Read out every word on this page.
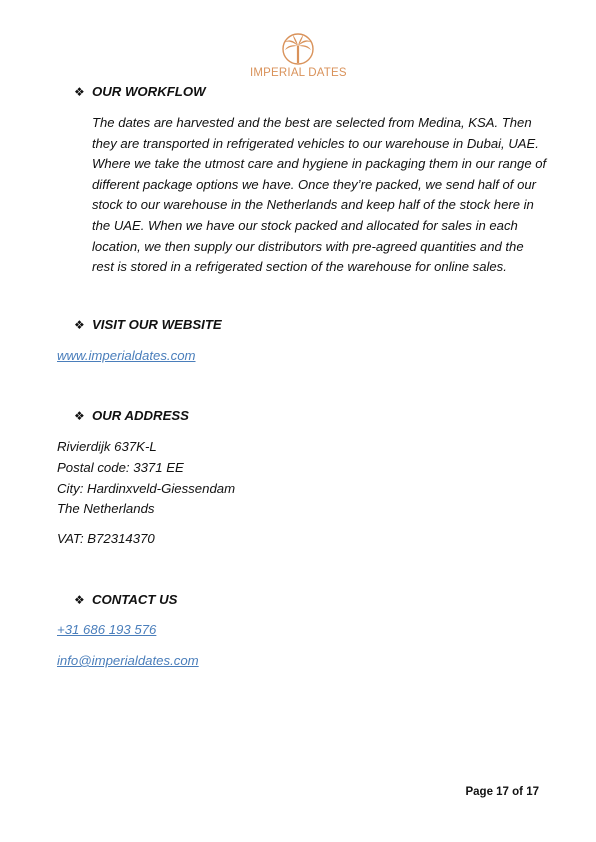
IMPERIAL DATES
❖ OUR WORKFLOW
The dates are harvested and the best are selected from Medina, KSA. Then
they are transported in refrigerated vehicles to our warehouse in Dubai, UAE.
Where we take the utmost care and hygiene in packaging them in our range of
different package options we have. Once they’re packed, we send half of our
stock to our warehouse in the Netherlands and keep half of the stock here in
the UAE. When we have our stock packed and allocated for sales in each
location, we then supply our distributors with pre-agreed quantities and the
rest is stored in a refrigerated section of the warehouse for online sales.
❖ VISIT OUR WEBSITE
www.imperialdates.com
❖ OUR ADDRESS
Rivierdijk 637K-L
Postal code: 3371 EE
City: Hardinxveld-Giessendam
The Netherlands
VAT: B72314370
❖ CONTACT US
+31 686 193 576
info@imperialdates.com
Page 17 of 17
